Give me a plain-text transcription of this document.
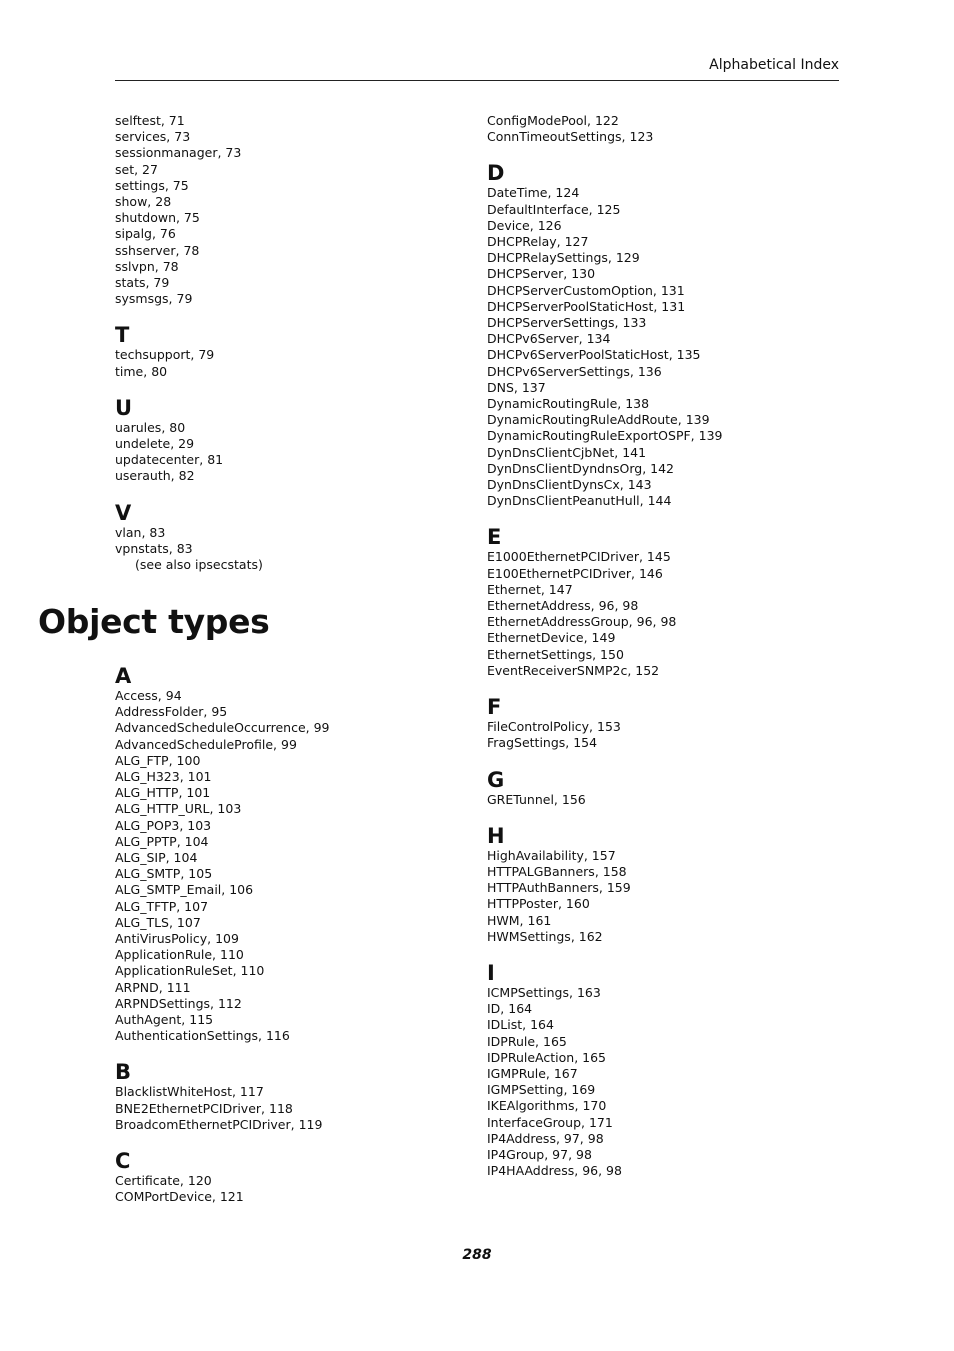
Alphabetical Index
selftest, 71
services, 73
sessionmanager, 73
set, 27
settings, 75
show, 28
shutdown, 75
sipalg, 76
sshserver, 78
sslvpn, 78
stats, 79
sysmsgs, 79
T
techsupport, 79
time, 80
U
uarules, 80
undelete, 29
updatecenter, 81
userauth, 82
V
vlan, 83
vpnstats, 83
(see also ipsecstats)
Object types
A
Access, 94
AddressFolder, 95
AdvancedScheduleOccurrence, 99
AdvancedScheduleProfile, 99
ALG_FTP, 100
ALG_H323, 101
ALG_HTTP, 101
ALG_HTTP_URL, 103
ALG_POP3, 103
ALG_PPTP, 104
ALG_SIP, 104
ALG_SMTP, 105
ALG_SMTP_Email, 106
ALG_TFTP, 107
ALG_TLS, 107
AntiVirusPolicy, 109
ApplicationRule, 110
ApplicationRuleSet, 110
ARPND, 111
ARPNDSettings, 112
AuthAgent, 115
AuthenticationSettings, 116
B
BlacklistWhiteHost, 117
BNE2EthernetPCIDriver, 118
BroadcomEthernetPCIDriver, 119
C
Certificate, 120
COMPortDevice, 121
ConfigModePool, 122
ConnTimeoutSettings, 123
D
DateTime, 124
DefaultInterface, 125
Device, 126
DHCPRelay, 127
DHCPRelaySettings, 129
DHCPServer, 130
DHCPServerCustomOption, 131
DHCPServerPoolStaticHost, 131
DHCPServerSettings, 133
DHCPv6Server, 134
DHCPv6ServerPoolStaticHost, 135
DHCPv6ServerSettings, 136
DNS, 137
DynamicRoutingRule, 138
DynamicRoutingRuleAddRoute, 139
DynamicRoutingRuleExportOSPF, 139
DynDnsClientCjbNet, 141
DynDnsClientDyndnsOrg, 142
DynDnsClientDynsCx, 143
DynDnsClientPeanutHull, 144
E
E1000EthernetPCIDriver, 145
E100EthernetPCIDriver, 146
Ethernet, 147
EthernetAddress, 96, 98
EthernetAddressGroup, 96, 98
EthernetDevice, 149
EthernetSettings, 150
EventReceiverSNMP2c, 152
F
FileControlPolicy, 153
FragSettings, 154
G
GRETunnel, 156
H
HighAvailability, 157
HTTPALGBanners, 158
HTTPAuthBanners, 159
HTTPPoster, 160
HWM, 161
HWMSettings, 162
I
ICMPSettings, 163
ID, 164
IDList, 164
IDPRule, 165
IDPRuleAction, 165
IGMPRule, 167
IGMPSetting, 169
IKEAlgorithms, 170
InterfaceGroup, 171
IP4Address, 97, 98
IP4Group, 97, 98
IP4HAAddress, 96, 98
288
